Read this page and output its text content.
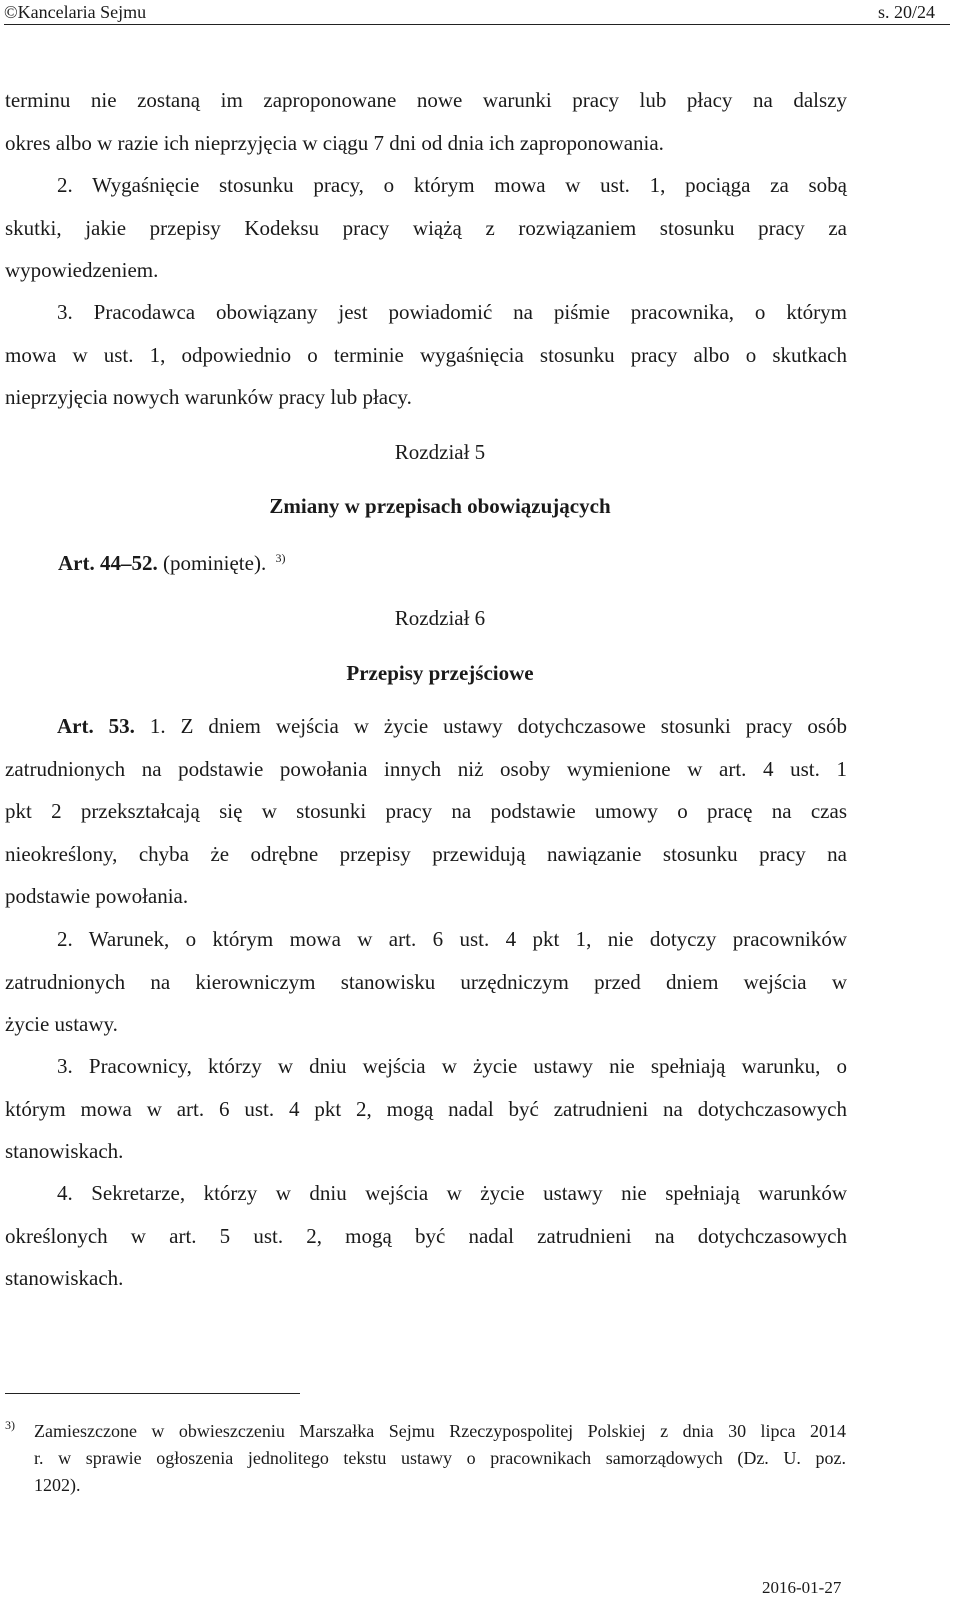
©Kancelaria Sejmu	s. 20/24
terminu nie zostaną im zaproponowane nowe warunki pracy lub płacy na dalszy
okres albo w razie ich nieprzyjęcia w ciągu 7 dni od dnia ich zaproponowania.
2. Wygaśnięcie stosunku pracy, o którym mowa w ust. 1, pociąga za sobą
skutki, jakie przepisy Kodeksu pracy wiążą z rozwiązaniem stosunku pracy za
wypowiedzeniem.
3. Pracodawca obowiązany jest powiadomić na piśmie pracownika, o którym
mowa w ust. 1, odpowiednio o terminie wygaśnięcia stosunku pracy albo o skutkach
nieprzyjęcia nowych warunków pracy lub płacy.
Rozdział 5
Zmiany w przepisach obowiązujących
Art. 44–52. (pominięte). $^{3)}$
Rozdział 6
Przepisy przejściowe
Art. 53. 1. Z dniem wejścia w życie ustawy dotychczasowe stosunki pracy osób
zatrudnionych na podstawie powołania innych niż osoby wymienione w art. 4 ust. 1
pkt 2 przekształcają się w stosunki pracy na podstawie umowy o pracę na czas
nieokreślony, chyba że odrębne przepisy przewidują nawiązanie stosunku pracy na
podstawie powołania.
2. Warunek, o którym mowa w art. 6 ust. 4 pkt 1, nie dotyczy pracowników
zatrudnionych na kierowniczym stanowisku urzędniczym przed dniem wejścia w
życie ustawy.
3. Pracownicy, którzy w dniu wejścia w życie ustawy nie spełniają warunku, o
którym mowa w art. 6 ust. 4 pkt 2, mogą nadal być zatrudnieni na dotychczasowych
stanowiskach.
4. Sekretarze, którzy w dniu wejścia w życie ustawy nie spełniają warunków
określonych w art. 5 ust. 2, mogą być nadal zatrudnieni na dotychczasowych
stanowiskach.
3) Zamieszczone w obwieszczeniu Marszałka Sejmu Rzeczypospolitej Polskiej z dnia 30 lipca 2014
r. w sprawie ogłoszenia jednolitego tekstu ustawy o pracownikach samorządowych (Dz. U. poz.
1202).
2016-01-27
